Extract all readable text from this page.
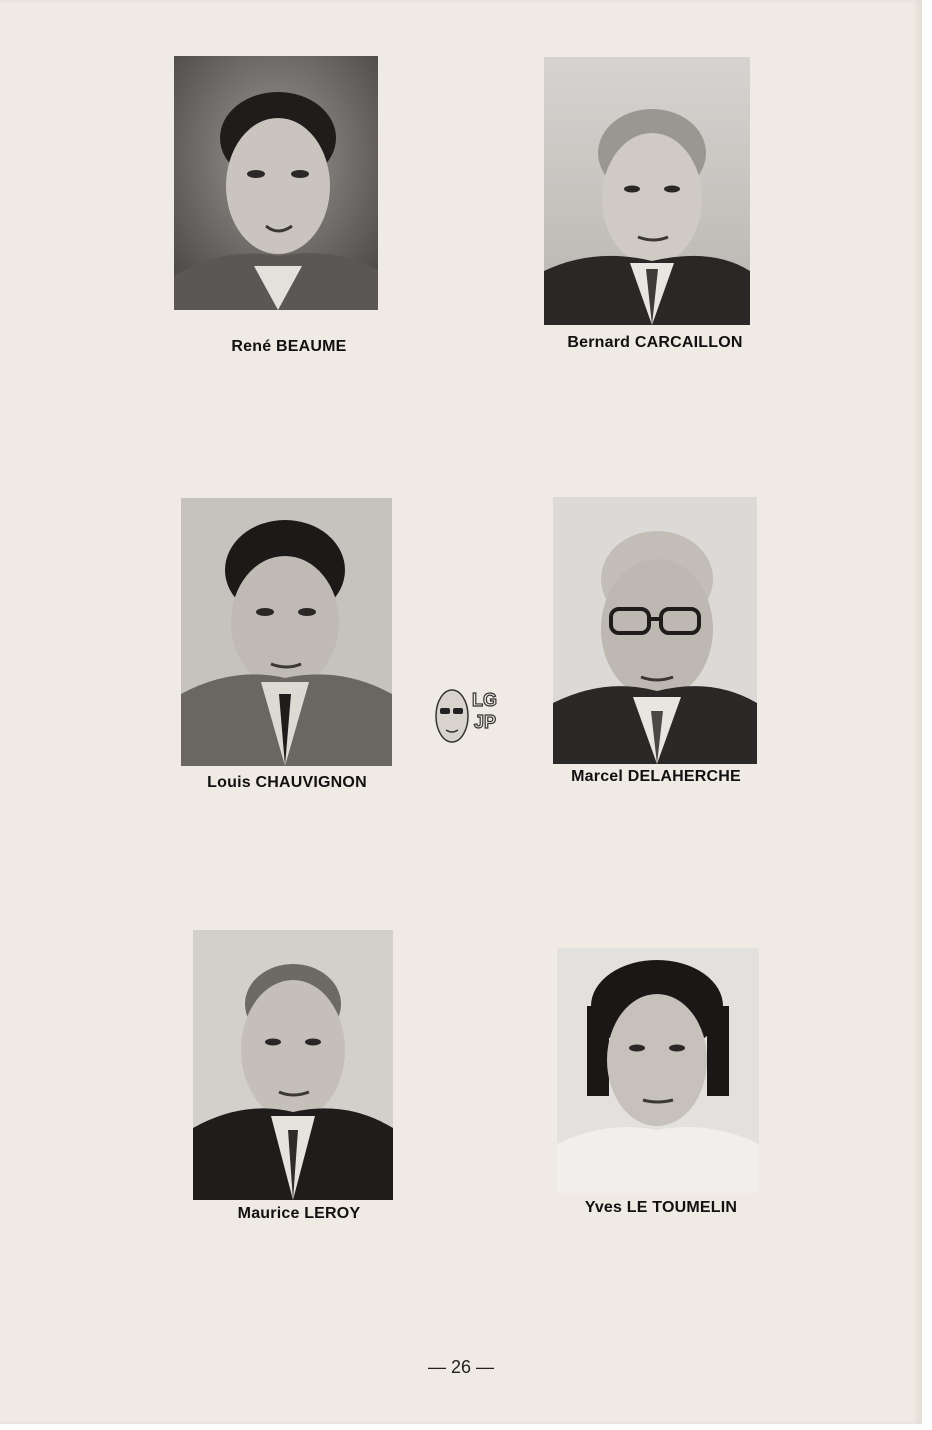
René BEAUME	Bernard CARCAILLON
Louis CHAUVIGNON	Marcel DELAHERCHE
Maurice LEROY	Yves LE TOUMELIN
LG
JP
— 26 —
